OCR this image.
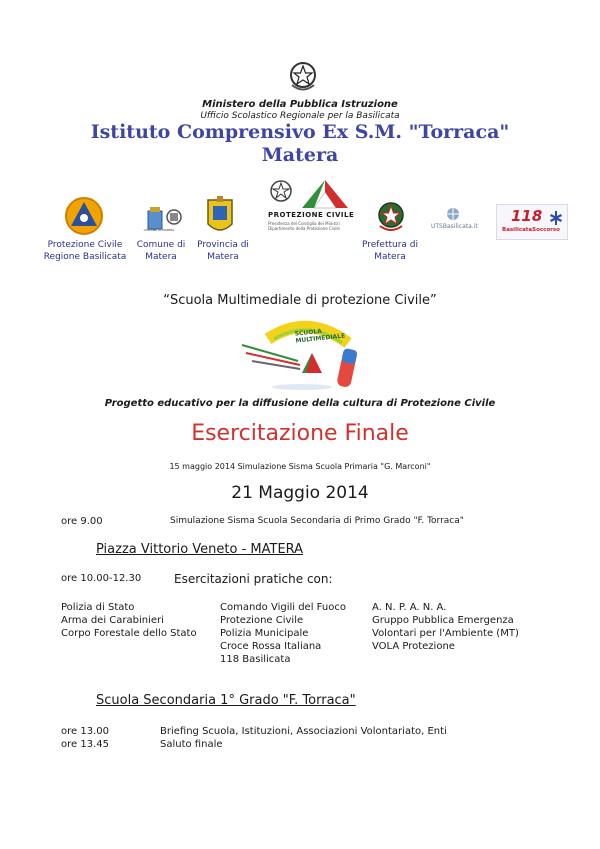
Ministero della Pubblica Istruzione
Ufficio Scolastico Regionale per la Basilicata
Istituto Comprensivo Ex S.M. "Torraca"
Matera
Protezione Civile
Regione Basilicata
COMUNE DI MATERA
Comune di
Matera
Provincia di
Matera
PROTEZIONE CIVILE
Presidenza del Consiglio dei Ministri Dipartimento della Protezione Civile
Prefettura di
Matera
UTSBasilicata.it
118
BasilicataSoccorso
“Scuola Multimediale di protezione Civile”
SCUOLA MULTIMEDIALE
Progetto educativo per la diffusione della cultura di Protezione Civile
Esercitazione Finale
15 maggio 2014 Simulazione Sisma Scuola Primaria "G. Marconi"
21 Maggio 2014
ore 9.00	Simulazione Sisma Scuola Secondaria di Primo Grado "F. Torraca"
Piazza Vittorio Veneto - MATERA
ore 10.00-12.30	Esercitazioni pratiche con:
Polizia di Stato
Arma dei Carabinieri
Corpo Forestale dello Stato
Comando Vigili del Fuoco
Protezione Civile
Polizia Municipale
Croce Rossa Italiana
118 Basilicata
A. N. P. A. N. A.
Gruppo Pubblica Emergenza
Volontari per l'Ambiente (MT)
VOLA Protezione
Scuola Secondaria 1° Grado "F. Torraca"
ore 13.00
ore 13.45
Briefing Scuola, Istituzioni, Associazioni Volontariato, Enti
Saluto finale
